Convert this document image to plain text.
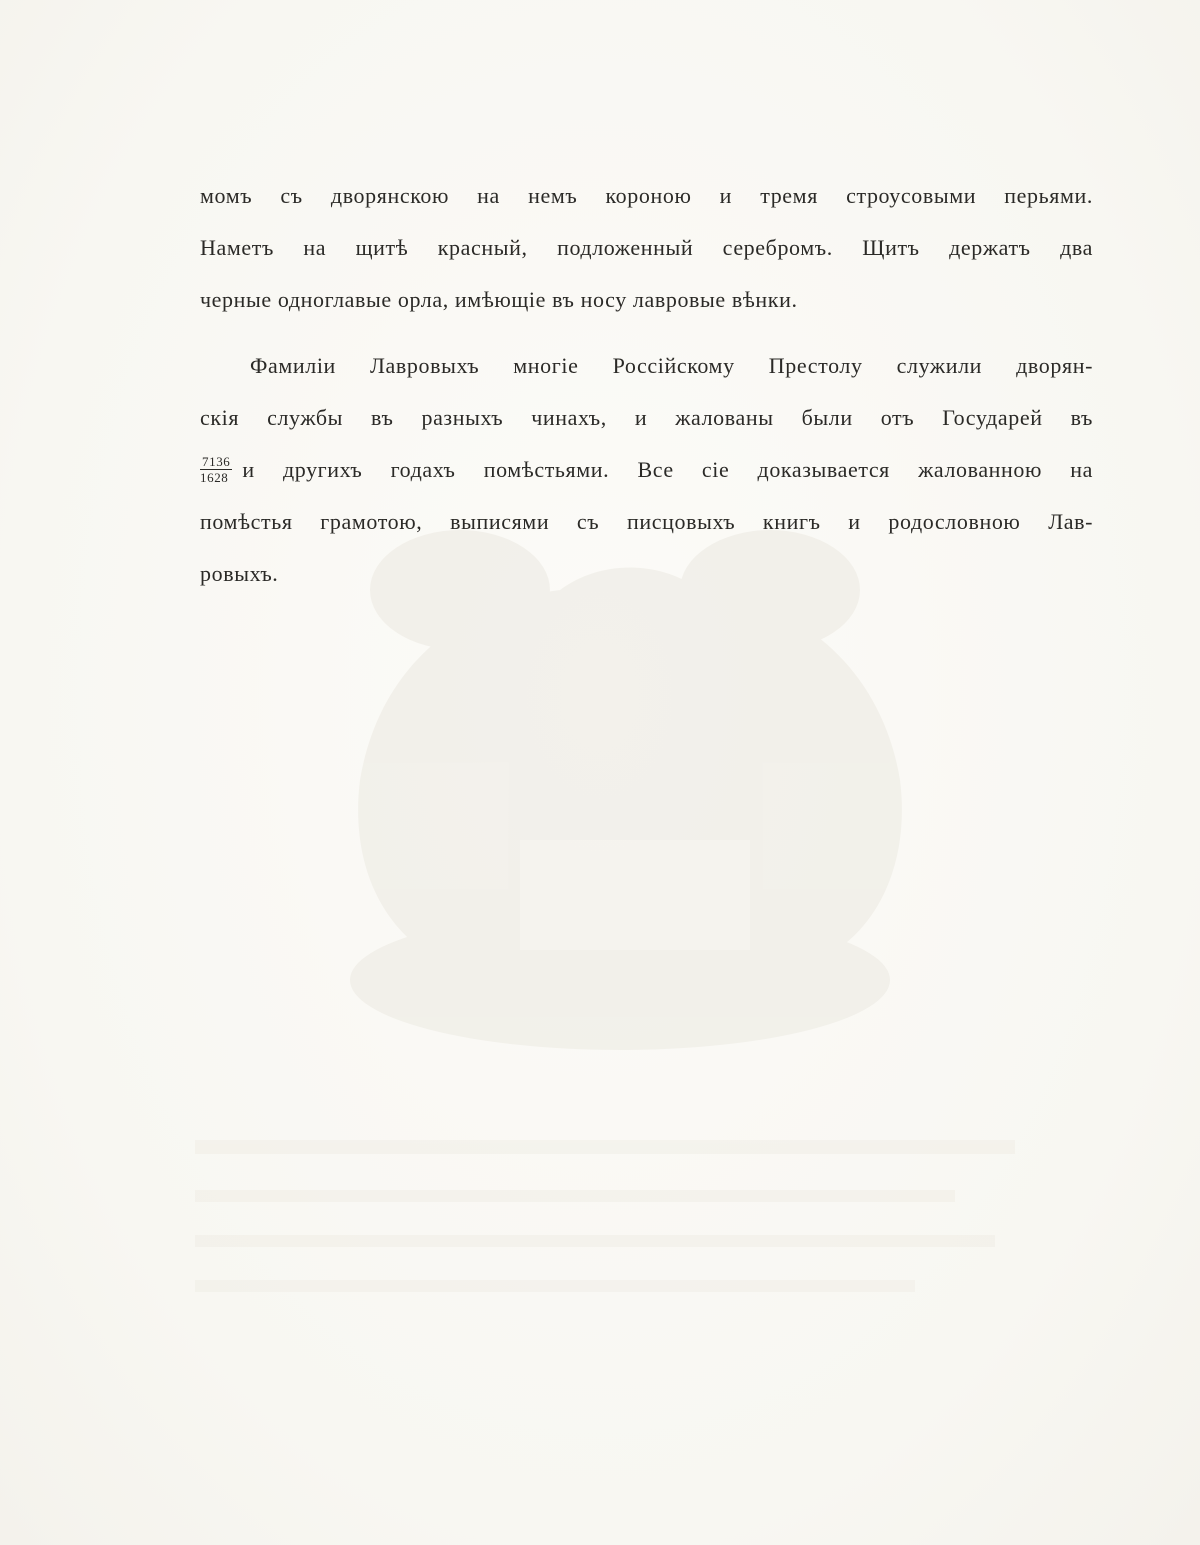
момъ съ дворянскою на немъ короною и тремя строусовыми перьями.
Наметъ на щитѣ красный, подложенный серебромъ. Щитъ держатъ два
черные одноглавые орла, имѣющіе въ носу лавровые вѣнки.
Фамиліи Лавровыхъ многіе Россійскому Престолу служили дворян-
скія службы въ разныхъ чинахъ, и жалованы были отъ Государей въ
$\frac{7136}{1628}$ и другихъ годахъ помѣстьями. Все сіе доказывается жалованною на
помѣстья грамотою, выписями съ писцовыхъ книгъ и родословною Лав-
ровыхъ.
